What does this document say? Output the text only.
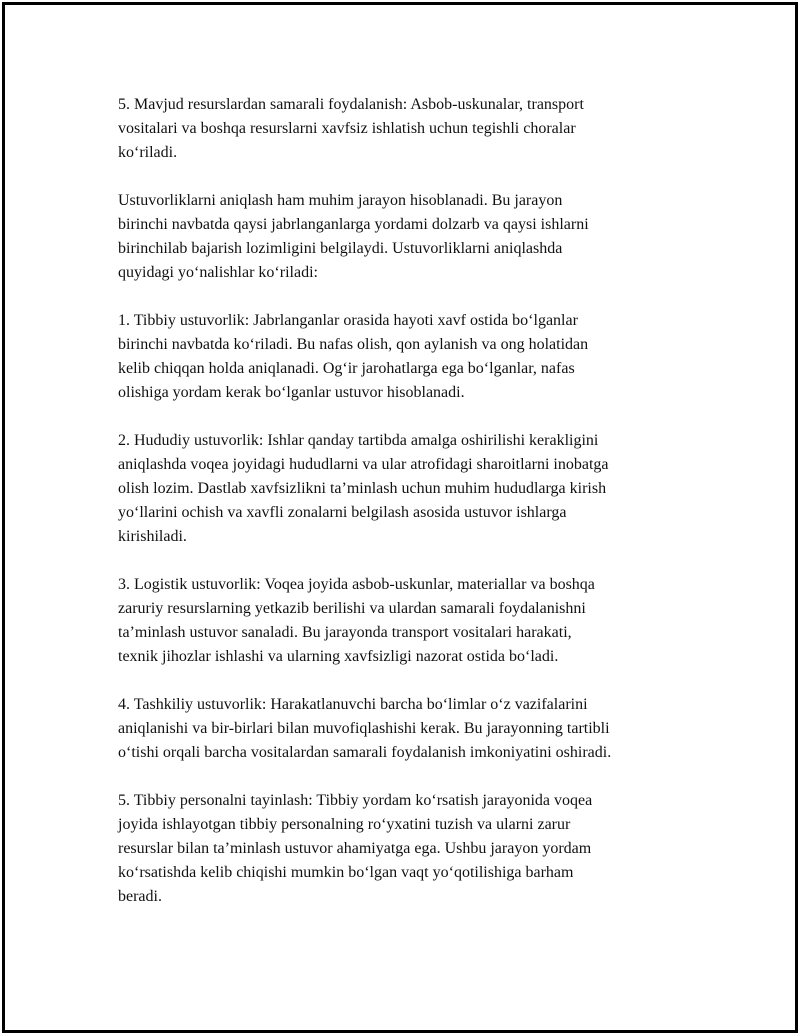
5. Mavjud resurslardan samarali foydalanish: Asbob-uskunalar, transport
vositalari va boshqa resurslarni xavfsiz ishlatish uchun tegishli choralar
ko‘riladi.

Ustuvorliklarni aniqlash ham muhim jarayon hisoblanadi. Bu jarayon
birinchi navbatda qaysi jabrlanganlarga yordami dolzarb va qaysi ishlarni
birinchilab bajarish lozimligini belgilaydi. Ustuvorliklarni aniqlashda
quyidagi yo‘nalishlar ko‘riladi:

1. Tibbiy ustuvorlik: Jabrlanganlar orasida hayoti xavf ostida bo‘lganlar
birinchi navbatda ko‘riladi. Bu nafas olish, qon aylanish va ong holatidan
kelib chiqqan holda aniqlanadi. Og‘ir jarohatlarga ega bo‘lganlar, nafas
olishiga yordam kerak bo‘lganlar ustuvor hisoblanadi.

2. Hududiy ustuvorlik: Ishlar qanday tartibda amalga oshirilishi kerakligini
aniqlashda voqea joyidagi hududlarni va ular atrofidagi sharoitlarni inobatga
olish lozim. Dastlab xavfsizlikni ta’minlash uchun muhim hududlarga kirish
yo‘llarini ochish va xavfli zonalarni belgilash asosida ustuvor ishlarga
kirishiladi.

3. Logistik ustuvorlik: Voqea joyida asbob-uskunlar, materiallar va boshqa
zaruriy resurslarning yetkazib berilishi va ulardan samarali foydalanishni
ta’minlash ustuvor sanaladi. Bu jarayonda transport vositalari harakati,
texnik jihozlar ishlashi va ularning xavfsizligi nazorat ostida bo‘ladi.

4. Tashkiliy ustuvorlik: Harakatlanuvchi barcha bo‘limlar o‘z vazifalarini
aniqlanishi va bir-birlari bilan muvofiqlashishi kerak. Bu jarayonning tartibli
o‘tishi orqali barcha vositalardan samarali foydalanish imkoniyatini oshiradi.

5. Tibbiy personalni tayinlash: Tibbiy yordam ko‘rsatish jarayonida voqea
joyida ishlayotgan tibbiy personalning ro‘yxatini tuzish va ularni zarur
resurslar bilan ta’minlash ustuvor ahamiyatga ega. Ushbu jarayon yordam
ko‘rsatishda kelib chiqishi mumkin bo‘lgan vaqt yo‘qotilishiga barham
beradi.
